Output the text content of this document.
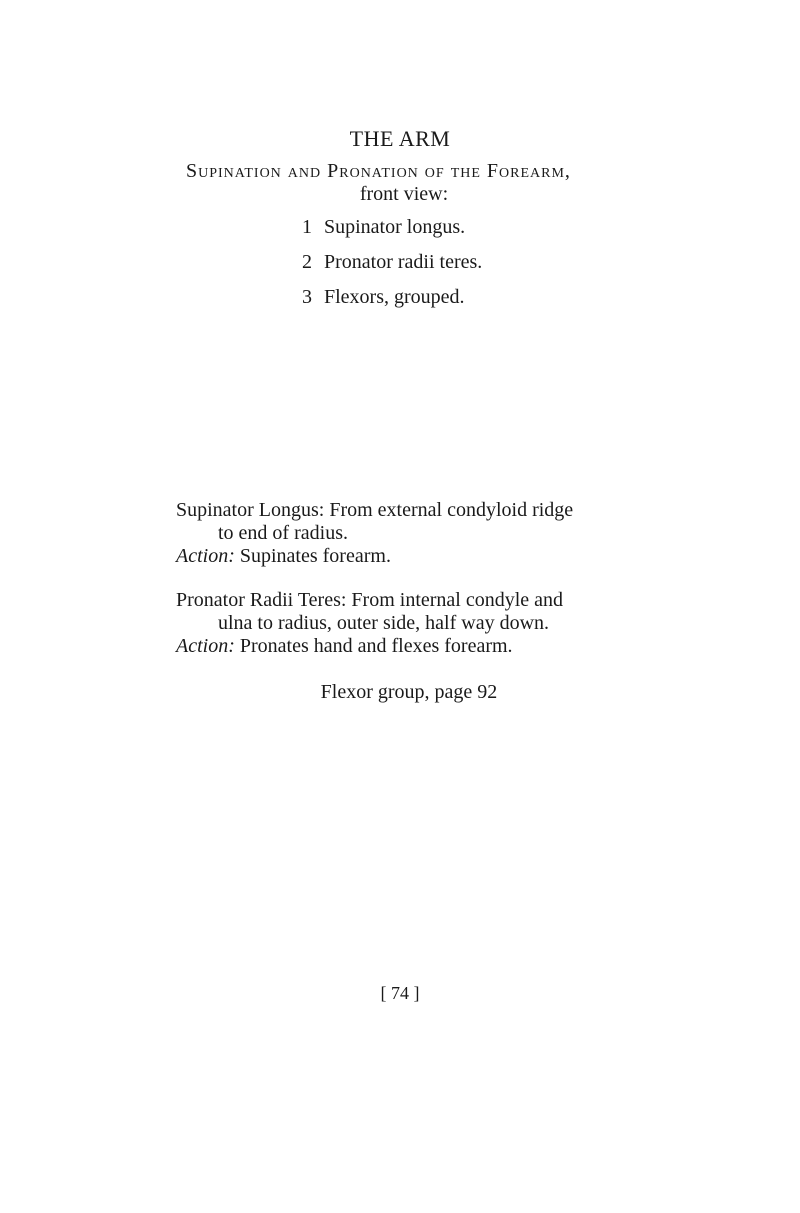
THE ARM
Supination and Pronation of the Forearm,
front view:
1 Supinator longus.
2 Pronator radii teres.
3 Flexors, grouped.
Supinator Longus: From external condyloid ridge
to end of radius.
Action: Supinates forearm.
Pronator Radii Teres: From internal condyle and
ulna to radius, outer side, half way down.
Action: Pronates hand and flexes forearm.
Flexor group, page 92
[ 74 ]
